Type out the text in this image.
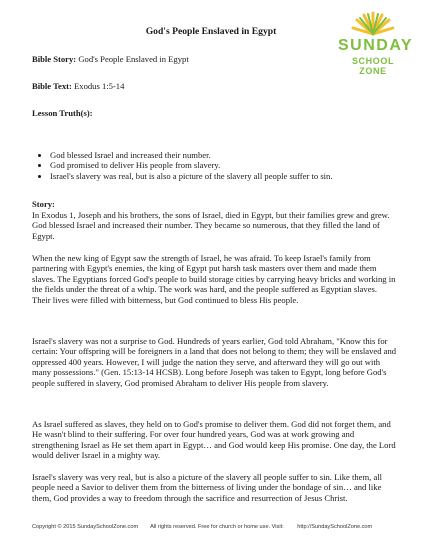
God's People Enslaved in Egypt
SUNDAY
SCHOOL ZONE
Bible Story: God's People Enslaved in Egypt
Bible Text: Exodus 1:5-14
Lesson Truth(s):
• God blessed Israel and increased their number.
• God promised to deliver His people from slavery.
• Israel's slavery was real, but is also a picture of the slavery all people suffer to sin.
Story:

In Exodus 1, Joseph and his brothers, the sons of Israel, died in Egypt, but their families grew and grew. God blessed Israel and increased their number. They became so numerous, that they filled the land of Egypt.

When the new king of Egypt saw the strength of Israel, he was afraid. To keep Israel's family from partnering with Egypt's enemies, the king of Egypt put harsh task masters over them and made them slaves. The Egyptians forced God's people to build storage cities by carrying heavy bricks and working in the fields under the threat of a whip. The work was hard, and the people suffered as Egyptian slaves. Their lives were filled with bitterness, but God continued to bless His people.

Israel's slavery was not a surprise to God. Hundreds of years earlier, God told Abraham, "Know this for certain: Your offspring will be foreigners in a land that does not belong to them; they will be enslaved and oppressed 400 years. However, I will judge the nation they serve, and afterward they will go out with many possessions." (Gen. 15:13-14 HCSB). Long before Joseph was taken to Egypt, long before God's people suffered in slavery, God promised Abraham to deliver His people from slavery.

As Israel suffered as slaves, they held on to God's promise to deliver them. God did not forget them, and He wasn't blind to their suffering. For over four hundred years, God was at work growing and strengthening Israel as He set them apart in Egypt… and God would keep His promise. One day, the Lord would deliver Israel in a mighty way.

Israel's slavery was very real, but is also a picture of the slavery all people suffer to sin. Like them, all people need a Savior to deliver them from the bitterness of living under the bondage of sin… and like them, God provides a way to freedom through the sacrifice and resurrection of Jesus Christ.

Copyright © 2015 SundaySchoolZone.com All rights reserved. Free for church or home use. Visit: http://SundaySchoolZone.com
